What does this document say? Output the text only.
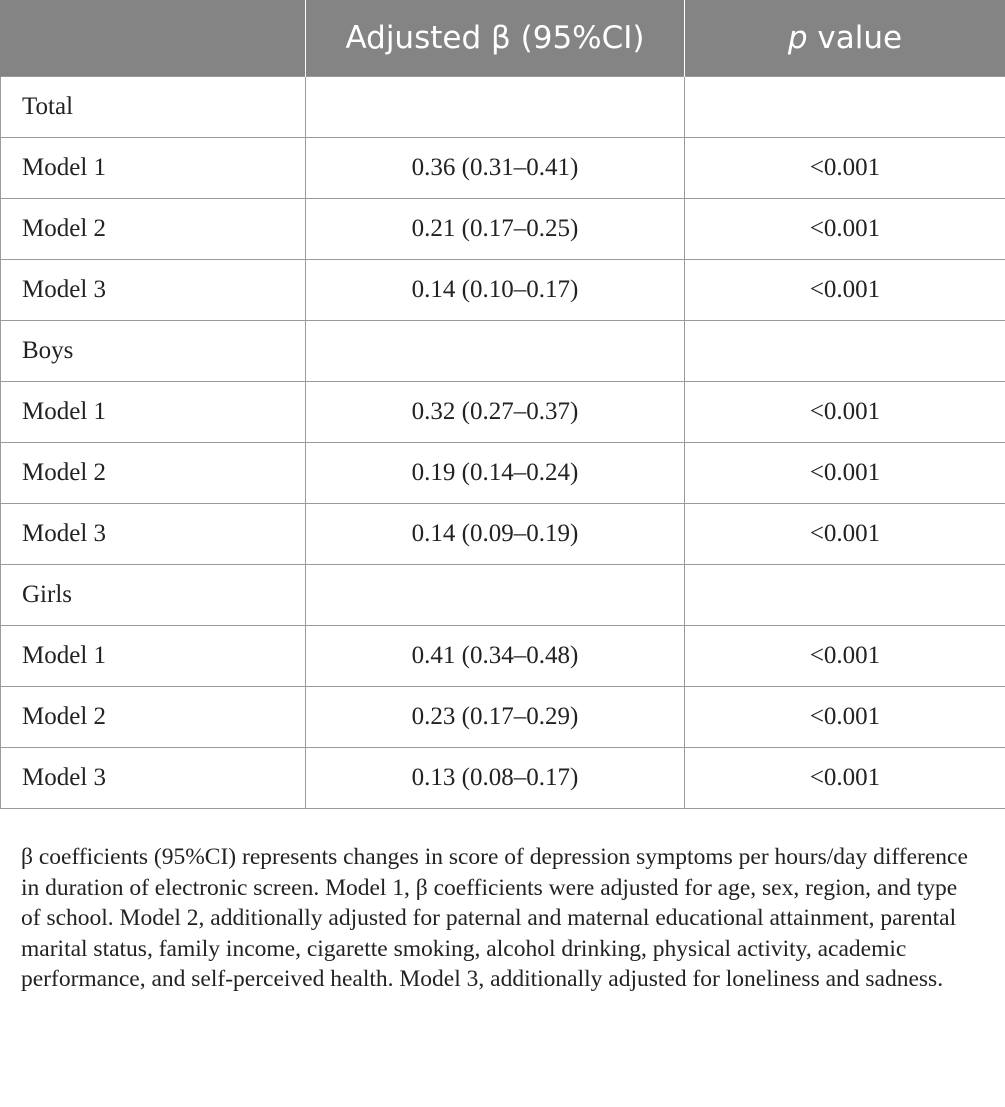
	Adjusted β (95%CI)	p value
Total		
Model 1	0.36 (0.31–0.41)	<0.001
Model 2	0.21 (0.17–0.25)	<0.001
Model 3	0.14 (0.10–0.17)	<0.001
Boys		
Model 1	0.32 (0.27–0.37)	<0.001
Model 2	0.19 (0.14–0.24)	<0.001
Model 3	0.14 (0.09–0.19)	<0.001
Girls		
Model 1	0.41 (0.34–0.48)	<0.001
Model 2	0.23 (0.17–0.29)	<0.001
Model 3	0.13 (0.08–0.17)	<0.001

β coefficients (95%CI) represents changes in score of depression symptoms per hours/day difference in duration of electronic screen. Model 1, β coefficients were adjusted for age, sex, region, and type of school. Model 2, additionally adjusted for paternal and maternal educational attainment, parental marital status, family income, cigarette smoking, alcohol drinking, physical activity, academic performance, and self-perceived health. Model 3, additionally adjusted for loneliness and sadness.
